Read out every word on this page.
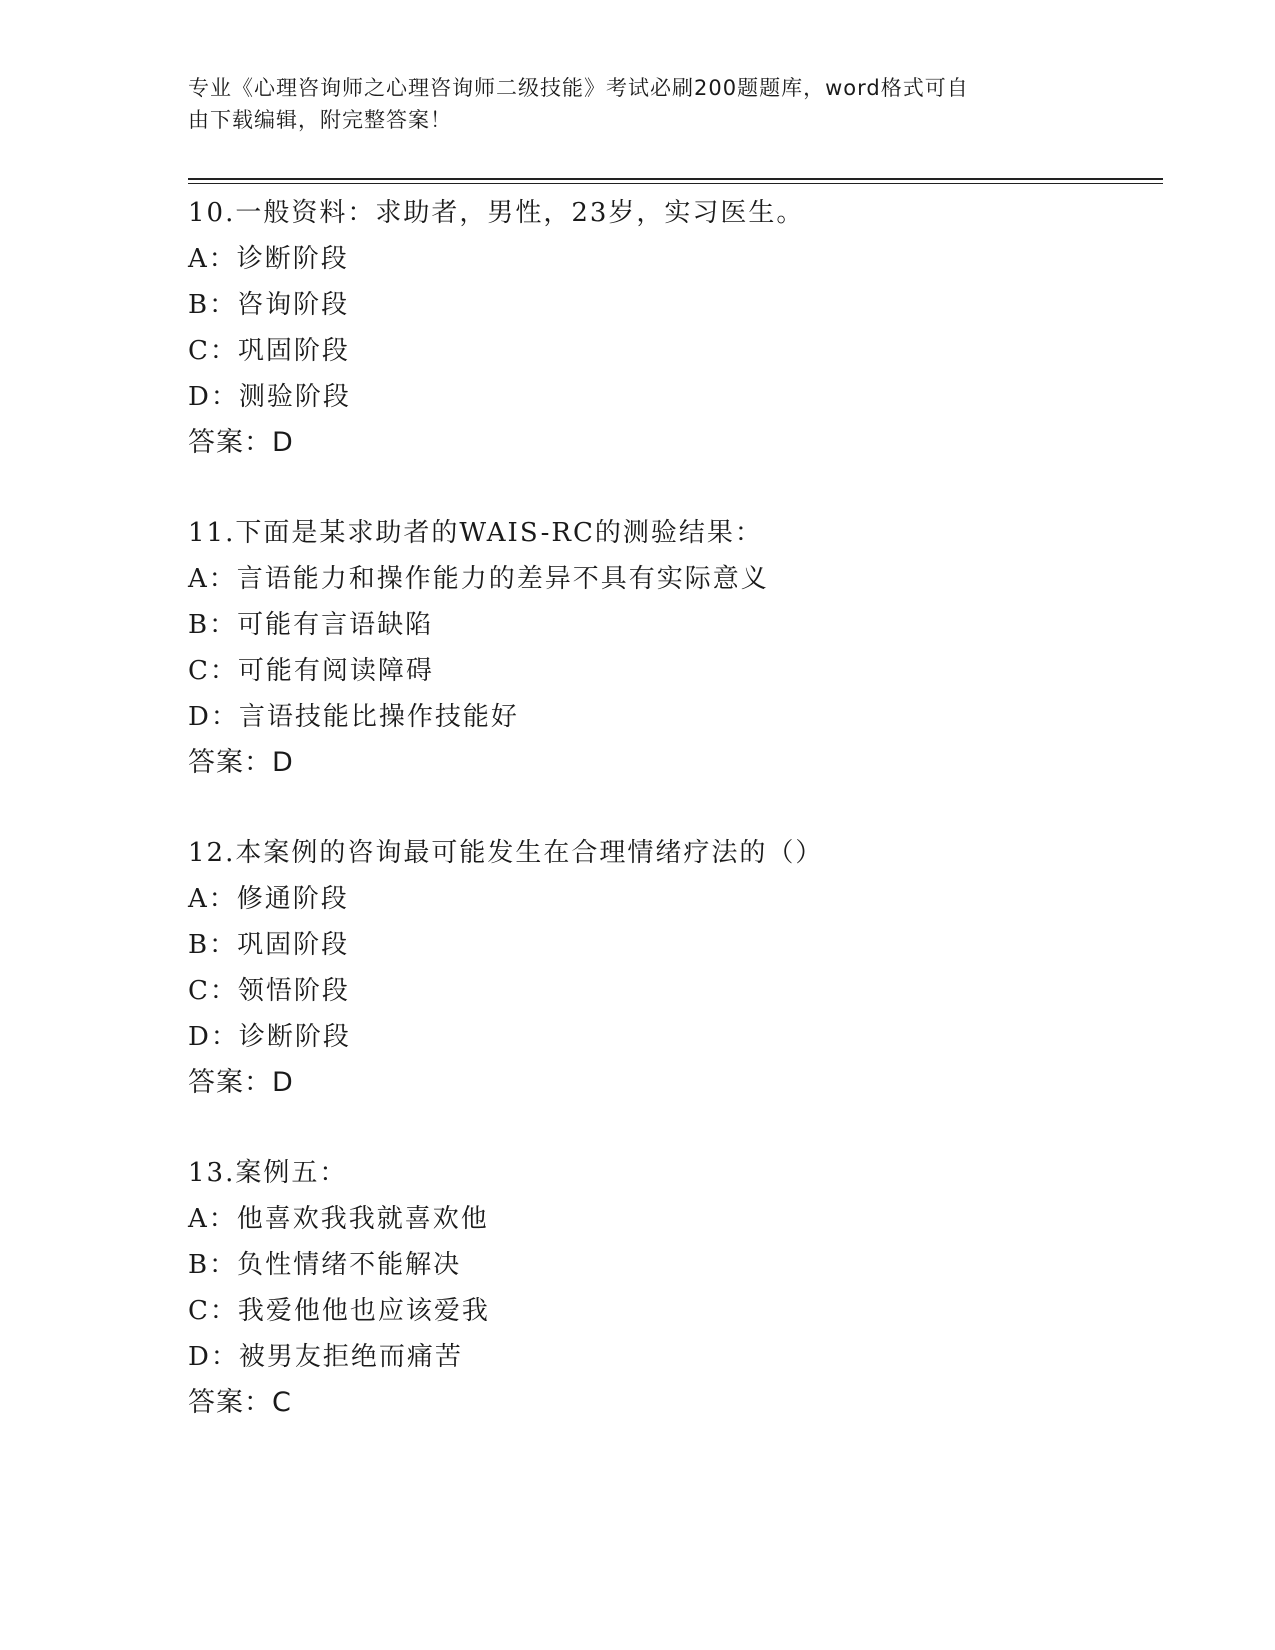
专业《心理咨询师之心理咨询师二级技能》考试必刷200题题库，word格式可自
由下载编辑，附完整答案！
10.一般资料：求助者，男性，23岁，实习医生。
A：诊断阶段
B：咨询阶段
C：巩固阶段
D：测验阶段
答案：D
11.下面是某求助者的WAIS-RC的测验结果：
A：言语能力和操作能力的差异不具有实际意义
B：可能有言语缺陷
C：可能有阅读障碍
D：言语技能比操作技能好
答案：D
12.本案例的咨询最可能发生在合理情绪疗法的（）
A：修通阶段
B：巩固阶段
C：领悟阶段
D：诊断阶段
答案：D
13.案例五：
A：他喜欢我我就喜欢他
B：负性情绪不能解决
C：我爱他他也应该爱我
D：被男友拒绝而痛苦
答案：C
